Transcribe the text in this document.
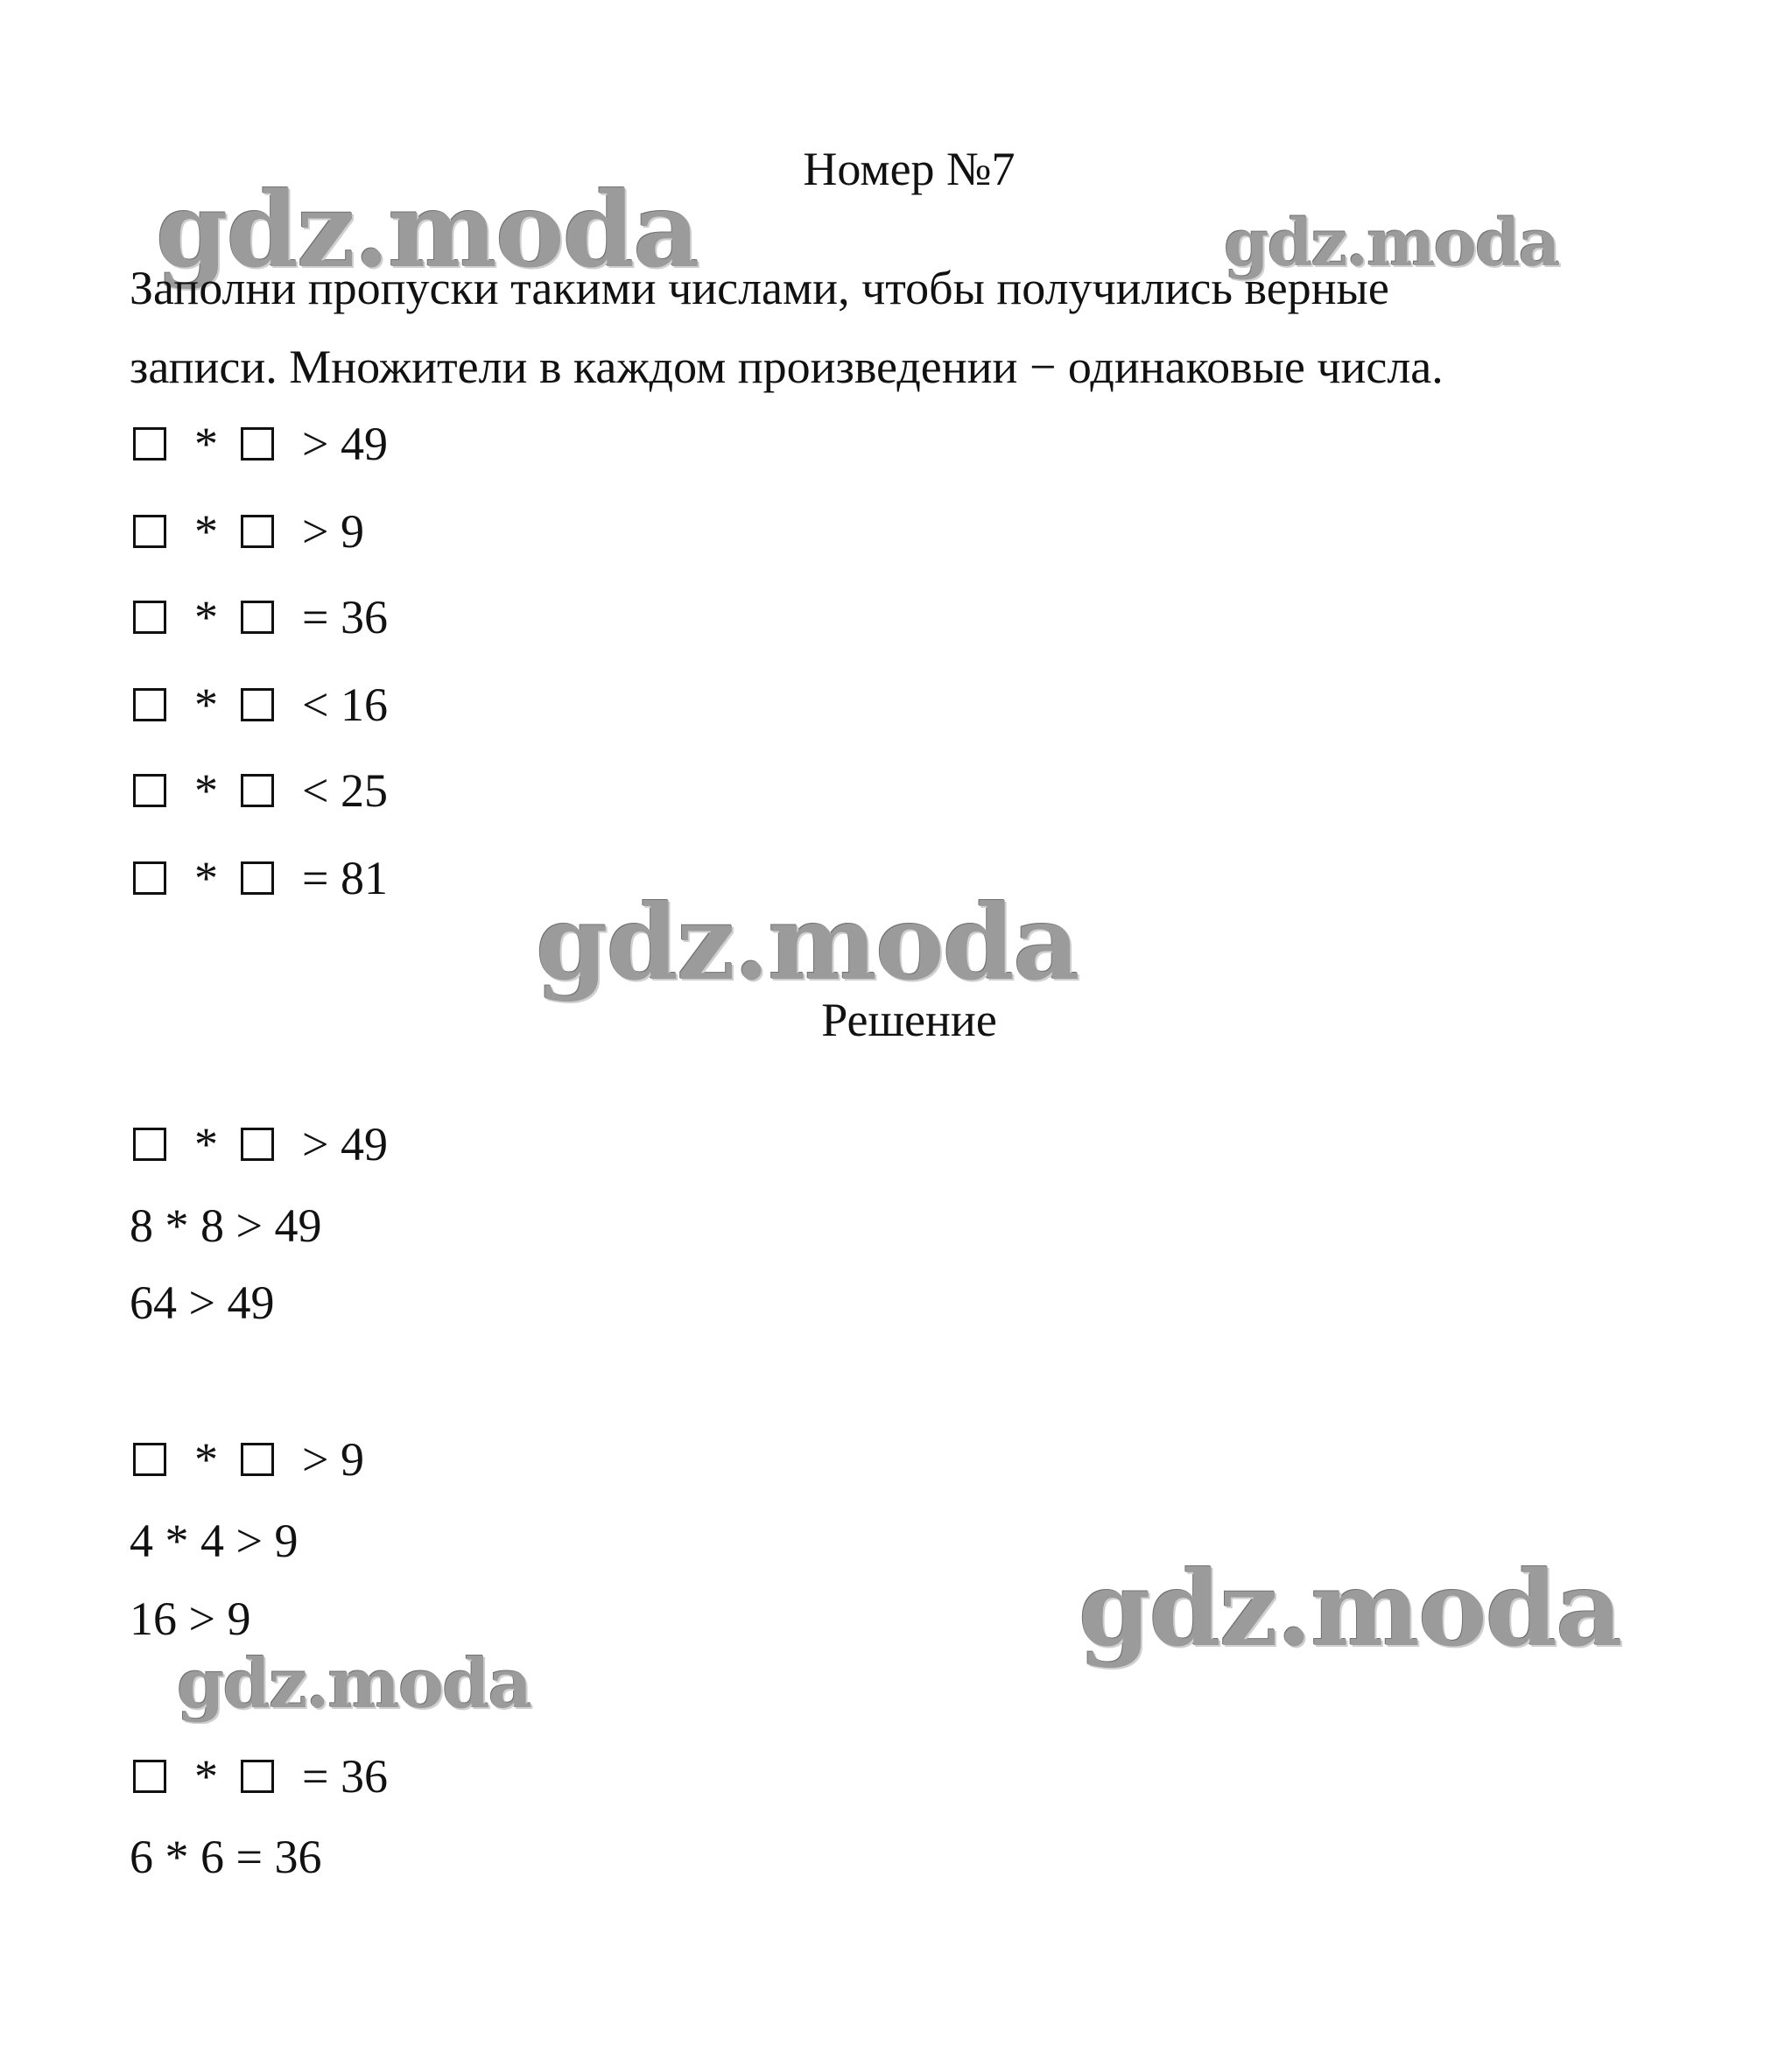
gdz.moda	gdz.moda
gdz.moda
gdz.moda
gdz.moda
Номер №7
Заполни пропуски такими числами, чтобы получились верные
записи. Множители в каждом произведении − одинаковые числа.
* > 49
* > 9
* = 36
* < 16
* < 25
* = 81
Решение
* > 49
8 * 8 > 49
64 > 49
* > 9
4 * 4 > 9
16 > 9
* = 36
6 * 6 = 36
